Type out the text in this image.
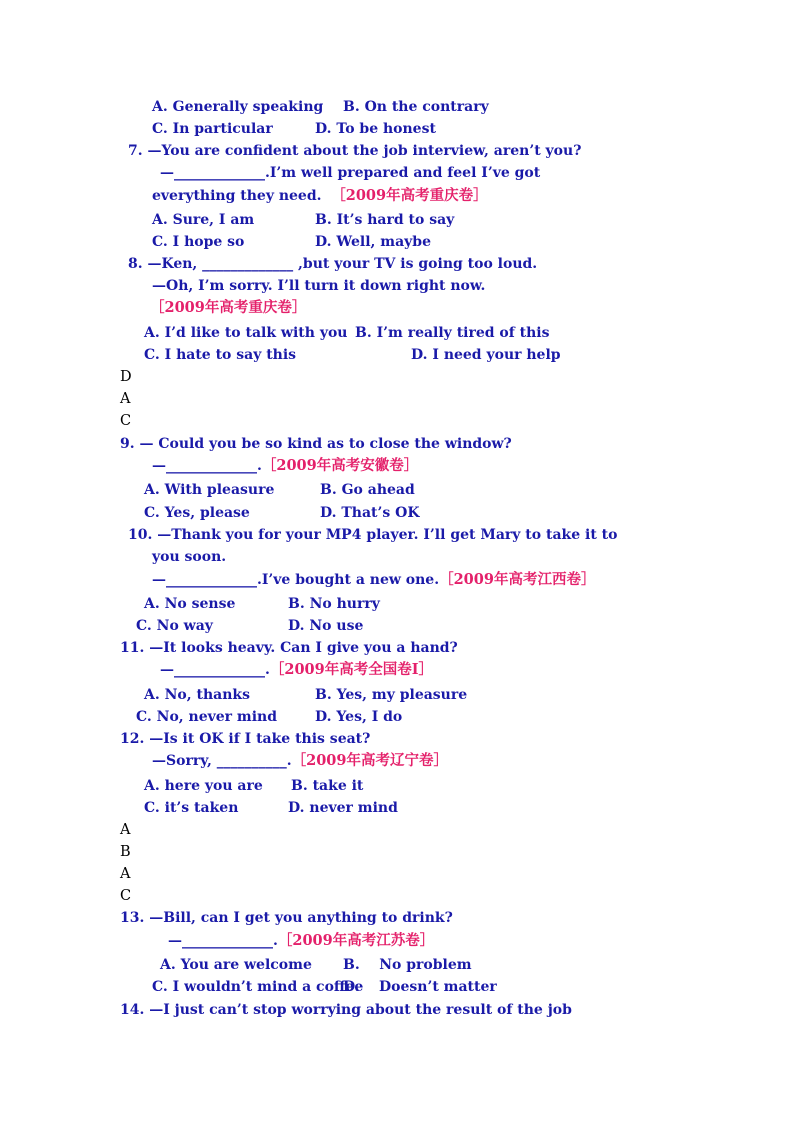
A. Generally speaking B. On the contrary
C. In particular	D. To be honest
7. —You are confident about the job interview, aren’t you?
—_____________.I’m well prepared and feel I’ve got
everything they need. ［2009年高考重庆卷］
A. Sure, I am	B. It’s hard to say
C. I hope so	D. Well, maybe
8. —Ken, _____________ ,but your TV is going too loud.
—Oh, I’m sorry. I’ll turn it down right now.
［2009年高考重庆卷］
A. I’d like to talk with you B. I’m really tired of this
C. I hate to say this	D. I need your help
D
A
C
9. — Could you be so kind as to close the window?
—_____________.［2009年高考安徽卷］
A. With pleasure	B. Go ahead
C. Yes, please	D. That’s OK
10. —Thank you for your MP4 player. I’ll get Mary to take it to
you soon.
—_____________.I’ve bought a new one.［2009年高考江西卷］
A. No sense	B. No hurry
C. No way	D. No use
11. —It looks heavy. Can I give you a hand?
—_____________.［2009年高考全国卷Ⅰ］
A. No, thanks	B. Yes, my pleasure
C. No, never mind	D. Yes, I do
12. —Is it OK if I take this seat?
—Sorry, __________.［2009年高考辽宁卷］
A. here you are B. take it
C. it’s taken	D. never mind
A
B
A
C
13. —Bill, can I get you anything to drink?
—_____________.［2009年高考江苏卷］
A. You are welcome B.    No problem
C. I wouldn’t mind a coffee
D.    Doesn’t matter
14. —I just can’t stop worrying about the result of the job
